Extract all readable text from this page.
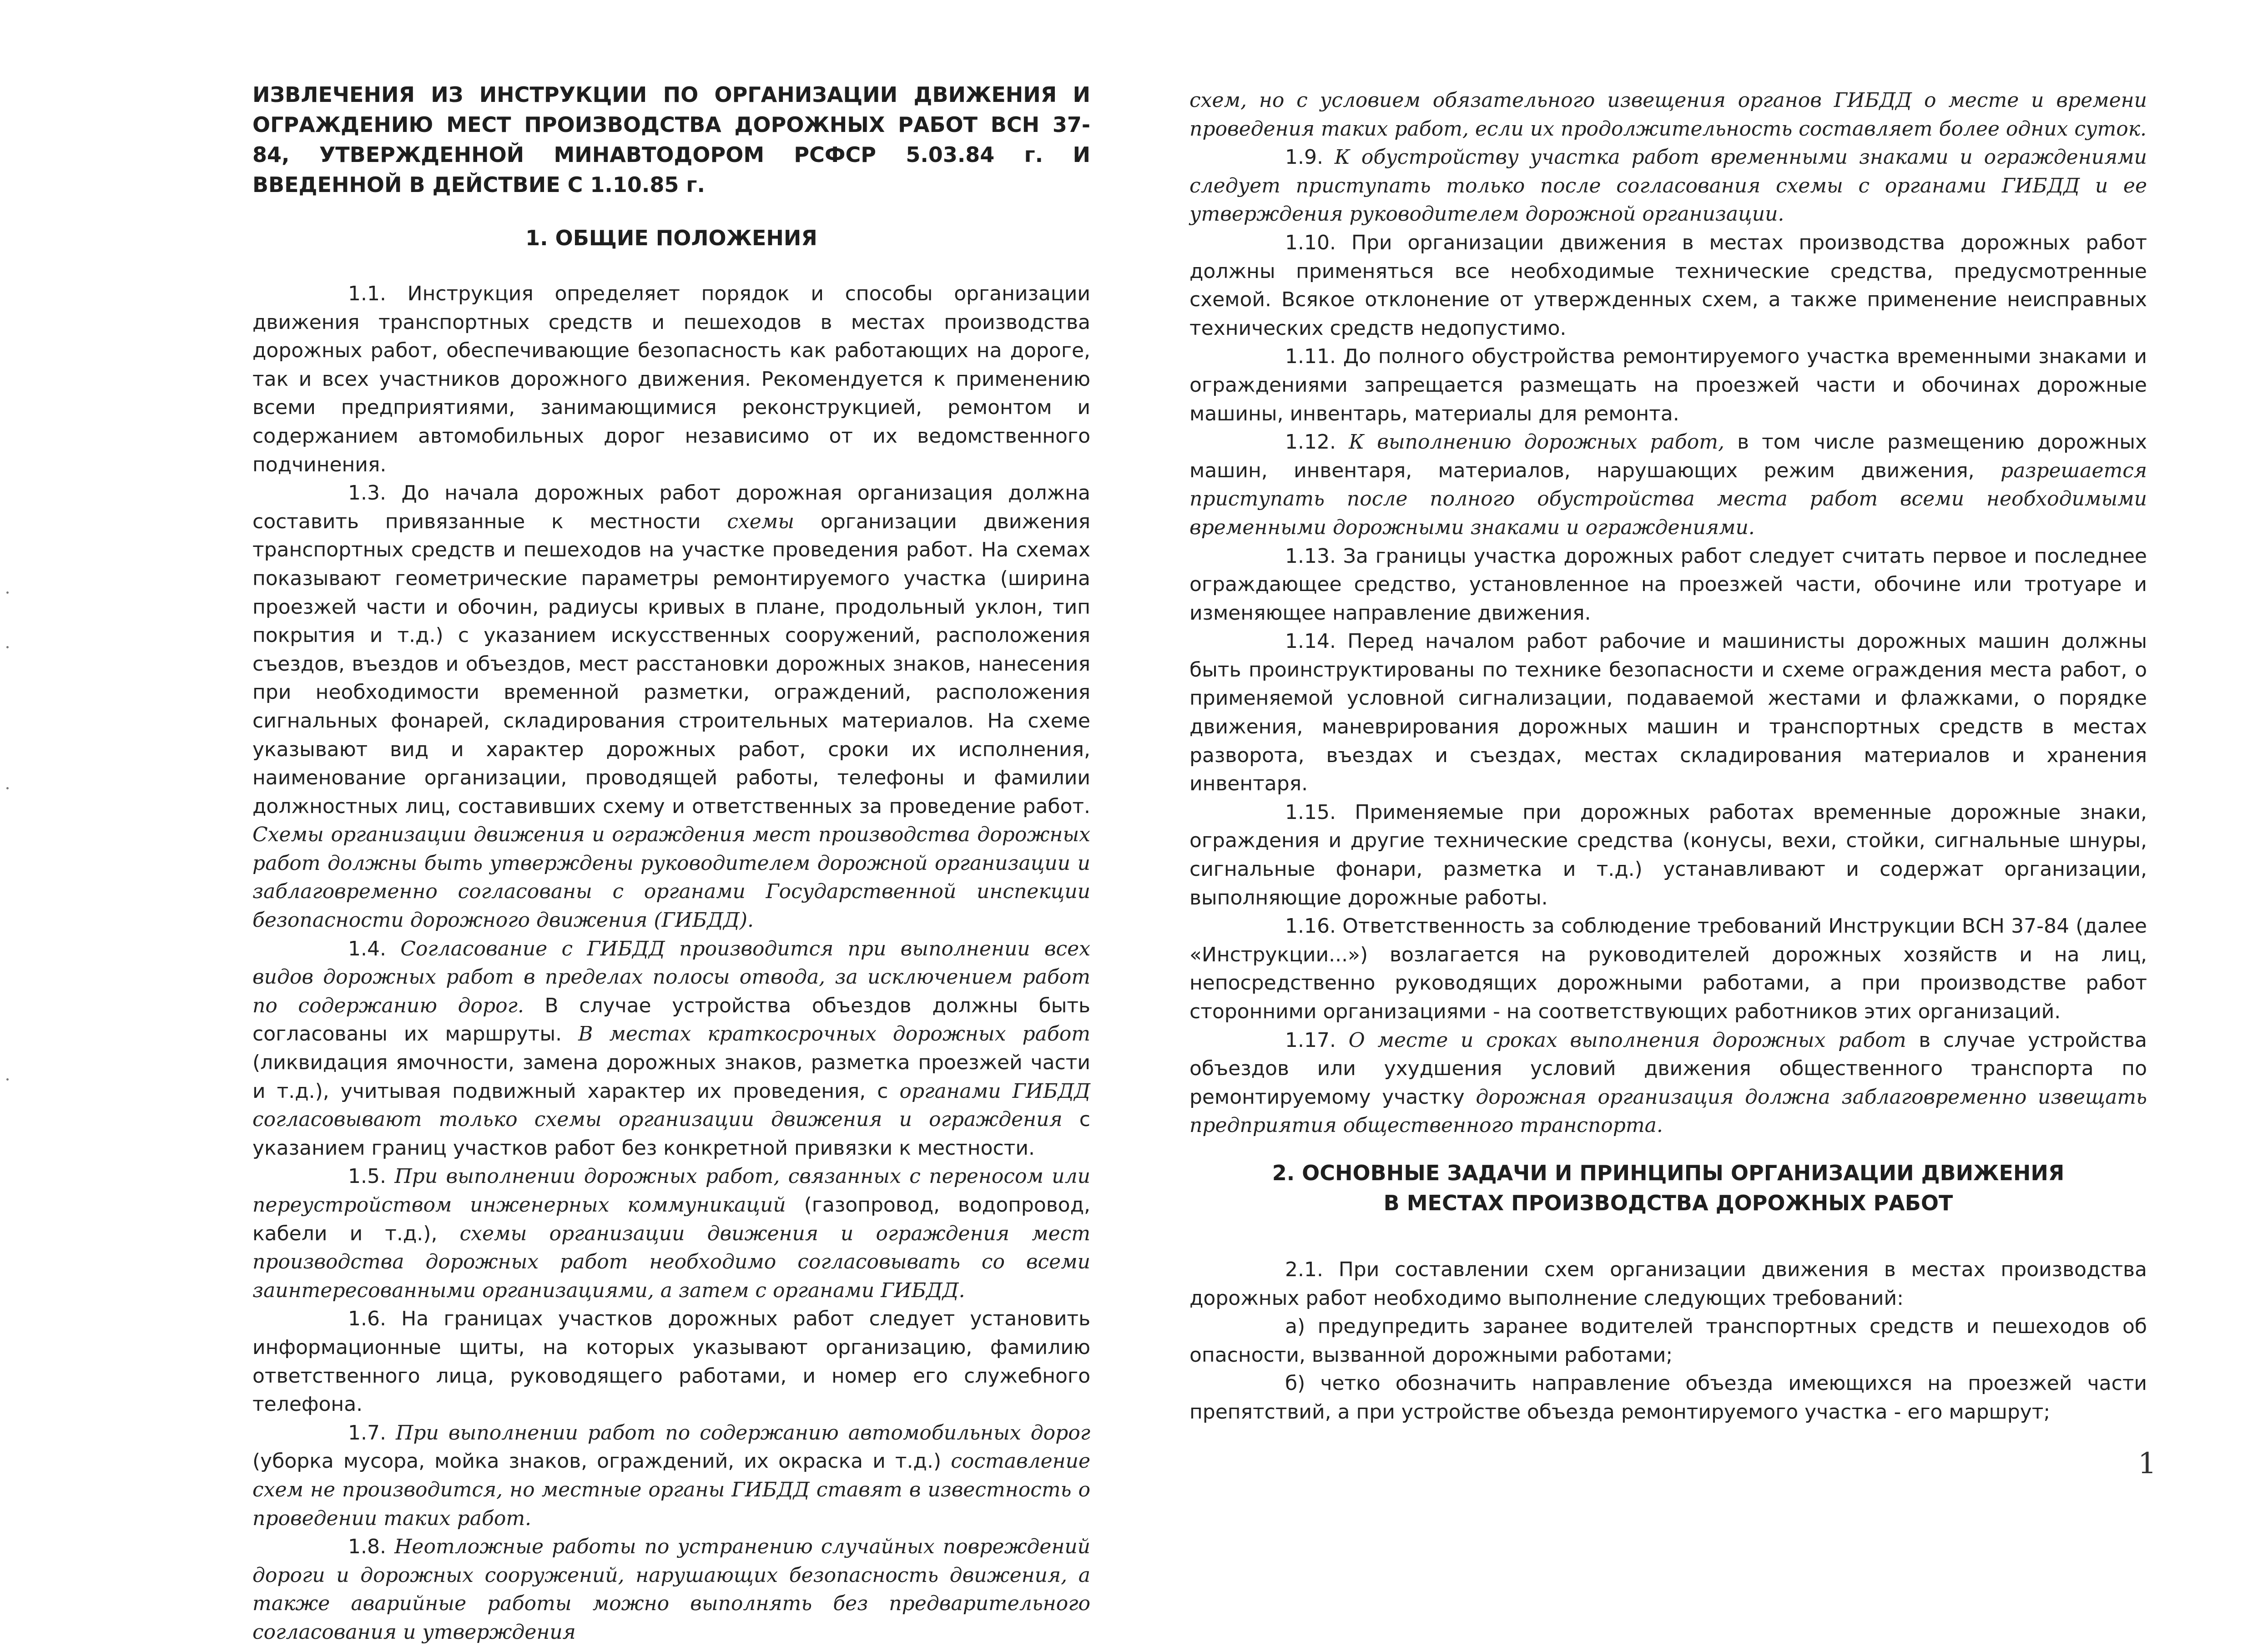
ИЗВЛЕЧЕНИЯ ИЗ ИНСТРУКЦИИ ПО ОРГАНИЗАЦИИ ДВИЖЕНИЯ И ОГРАЖДЕНИЮ МЕСТ ПРОИЗВОДСТВА ДОРОЖНЫХ РАБОТ ВСН 37-84, УТВЕРЖДЕННОЙ МИНАВТОДОРОМ РСФСР 5.03.84 г. И ВВЕДЕННОЙ В ДЕЙСТВИЕ С 1.10.85 г.
1. ОБЩИЕ ПОЛОЖЕНИЯ

1.1. Инструкция определяет порядок и способы организации движения транспортных средств и пешеходов в местах производства дорожных работ, обеспечивающие безопасность как работающих на дороге, так и всех участников дорожного движения. Рекомендуется к применению всеми предприятиями, занимающимися реконструкцией, ремонтом и содержанием автомобильных дорог независимо от их ведомственного подчинения.

1.3. До начала дорожных работ дорожная организация должна составить привязанные к местности схемы организации движения транспортных средств и пешеходов на участке проведения работ. На схемах показывают геометрические параметры ремонтируемого участка (ширина проезжей части и обочин, радиусы кривых в плане, продольный уклон, тип покрытия и т.д.) с указанием искусственных сооружений, расположения съездов, въездов и объездов, мест расстановки дорожных знаков, нанесения при необходимости временной разметки, ограждений, расположения сигнальных фонарей, складирования строительных материалов. На схеме указывают вид и характер дорожных работ, сроки их исполнения, наименование организации, проводящей работы, телефоны и фамилии должностных лиц, составивших схему и ответственных за проведение работ. Схемы организации движения и ограждения мест производства дорожных работ должны быть утверждены руководителем дорожной организации и заблаговременно согласованы с органами Государственной инспекции безопасности дорожного движения (ГИБДД).

1.4. Согласование с ГИБДД производится при выполнении всех видов дорожных работ в пределах полосы отвода, за исключением работ по содержанию дорог. В случае устройства объездов должны быть согласованы их маршруты. В местах краткосрочных дорожных работ (ликвидация ямочности, замена дорожных знаков, разметка проезжей части и т.д.), учитывая подвижный характер их проведения, с органами ГИБДД согласовывают только схемы организации движения и ограждения с указанием границ участков работ без конкретной привязки к местности.

1.5. При выполнении дорожных работ, связанных с переносом или переустройством инженерных коммуникаций (газопровод, водопровод, кабели и т.д.), схемы организации движения и ограждения мест производства дорожных работ необходимо согласовывать со всеми заинтересованными организациями, а затем с органами ГИБДД.

1.6. На границах участков дорожных работ следует установить информационные щиты, на которых указывают организацию, фамилию ответственного лица, руководящего работами, и номер его служебного телефона.

1.7. При выполнении работ по содержанию автомобильных дорог (уборка мусора, мойка знаков, ограждений, их окраска и т.д.) составление схем не производится, но местные органы ГИБДД ставят в известность о проведении таких работ.

1.8. Неотложные работы по устранению случайных повреждений дороги и дорожных сооружений, нарушающих безопасность движения, а также аварийные работы можно выполнять без предварительного согласования и утверждения

схем, но с условием обязательного извещения органов ГИБДД о месте и времени проведения таких работ, если их продолжительность составляет более одних суток.

1.9. К обустройству участка работ временными знаками и ограждениями следует приступать только после согласования схемы с органами ГИБДД и ее утверждения руководителем дорожной организации.

1.10. При организации движения в местах производства дорожных работ должны применяться все необходимые технические средства, предусмотренные схемой. Всякое отклонение от утвержденных схем, а также применение неисправных технических средств недопустимо.

1.11. До полного обустройства ремонтируемого участка временными знаками и ограждениями запрещается размещать на проезжей части и обочинах дорожные машины, инвентарь, материалы для ремонта.

1.12. К выполнению дорожных работ, в том числе размещению дорожных машин, инвентаря, материалов, нарушающих режим движения, разрешается приступать после полного обустройства места работ всеми необходимыми временными дорожными знаками и ограждениями.

1.13. За границы участка дорожных работ следует считать первое и последнее ограждающее средство, установленное на проезжей части, обочине или тротуаре и изменяющее направление движения.

1.14. Перед началом работ рабочие и машинисты дорожных машин должны быть проинструктированы по технике безопасности и схеме ограждения места работ, о применяемой условной сигнализации, подаваемой жестами и флажками, о порядке движения, маневрирования дорожных машин и транспортных средств в местах разворота, въездах и съездах, местах складирования материалов и хранения инвентаря.

1.15. Применяемые при дорожных работах временные дорожные знаки, ограждения и другие технические средства (конусы, вехи, стойки, сигнальные шнуры, сигнальные фонари, разметка и т.д.) устанавливают и содержат организации, выполняющие дорожные работы.

1.16. Ответственность за соблюдение требований Инструкции ВСН 37-84 (далее «Инструкции...») возлагается на руководителей дорожных хозяйств и на лиц, непосредственно руководящих дорожными работами, а при производстве работ сторонними организациями - на соответствующих работников этих организаций.

1.17. О месте и сроках выполнения дорожных работ в случае устройства объездов или ухудшения условий движения общественного транспорта по ремонтируемому участку дорожная организация должна заблаговременно извещать предприятия общественного транспорта.

2. ОСНОВНЫЕ ЗАДАЧИ И ПРИНЦИПЫ ОРГАНИЗАЦИИ ДВИЖЕНИЯ
В МЕСТАХ ПРОИЗВОДСТВА ДОРОЖНЫХ РАБОТ

2.1. При составлении схем организации движения в местах производства дорожных работ необходимо выполнение следующих требований:

а) предупредить заранее водителей транспортных средств и пешеходов об опасности, вызванной дорожными работами;

б) четко обозначить направление объезда имеющихся на проезжей части препятствий, а при устройстве объезда ремонтируемого участка - его маршрут;

1
